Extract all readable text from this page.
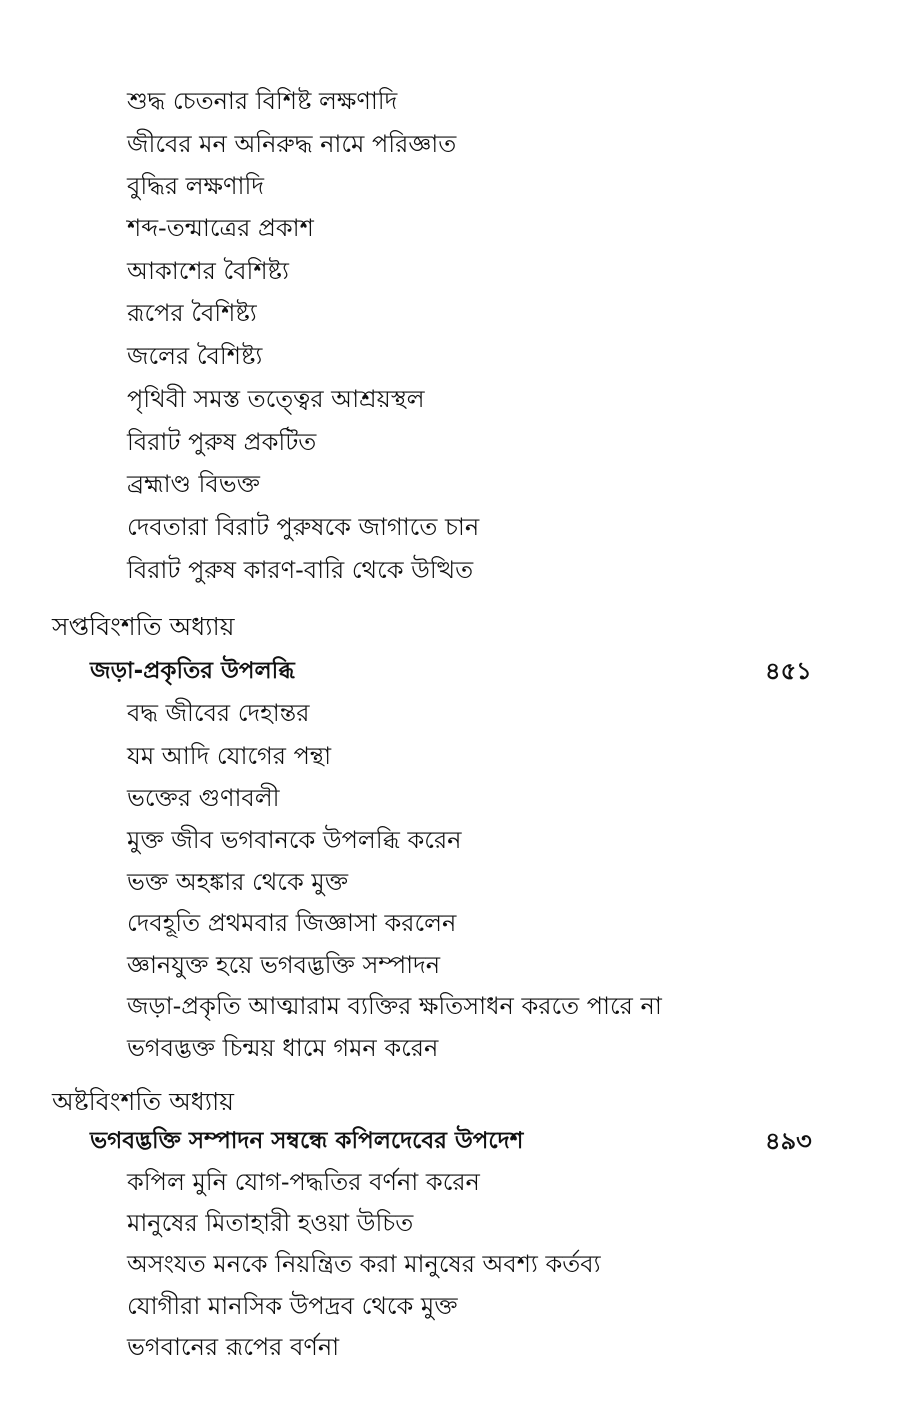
শুদ্ধ চেতনার বিশিষ্ট লক্ষণাদি
জীবের মন অনিরুদ্ধ নামে পরিজ্ঞাত
বুদ্ধির লক্ষণাদি
শব্দ-তন্মাত্রের প্রকাশ
আকাশের বৈশিষ্ট্য
রূপের বৈশিষ্ট্য
জলের বৈশিষ্ট্য
পৃথিবী সমস্ত তত্ত্বের আশ্রয়স্থল
বিরাট পুরুষ প্রকটিত
ব্রহ্মাণ্ড বিভক্ত
দেবতারা বিরাট পুরুষকে জাগাতে চান
বিরাট পুরুষ কারণ-বারি থেকে উত্থিত
সপ্তবিংশতি অধ্যায়
জড়া-প্রকৃতির উপলব্ধি	৪৫১
বদ্ধ জীবের দেহান্তর
যম আদি যোগের পন্থা
ভক্তের গুণাবলী
মুক্ত জীব ভগবানকে উপলব্ধি করেন
ভক্ত অহঙ্কার থেকে মুক্ত
দেবহূতি প্রথমবার জিজ্ঞাসা করলেন
জ্ঞানযুক্ত হয়ে ভগবদ্ভক্তি সম্পাদন
জড়া-প্রকৃতি আত্মারাম ব্যক্তির ক্ষতিসাধন করতে পারে না
ভগবদ্ভক্ত চিন্ময় ধামে গমন করেন
অষ্টবিংশতি অধ্যায়
ভগবদ্ভক্তি সম্পাদন সম্বন্ধে কপিলদেবের উপদেশ	৪৯৩
কপিল মুনি যোগ-পদ্ধতির বর্ণনা করেন
মানুষের মিতাহারী হওয়া উচিত
অসংযত মনকে নিয়ন্ত্রিত করা মানুষের অবশ্য কর্তব্য
যোগীরা মানসিক উপদ্রব থেকে মুক্ত
ভগবানের রূপের বর্ণনা
